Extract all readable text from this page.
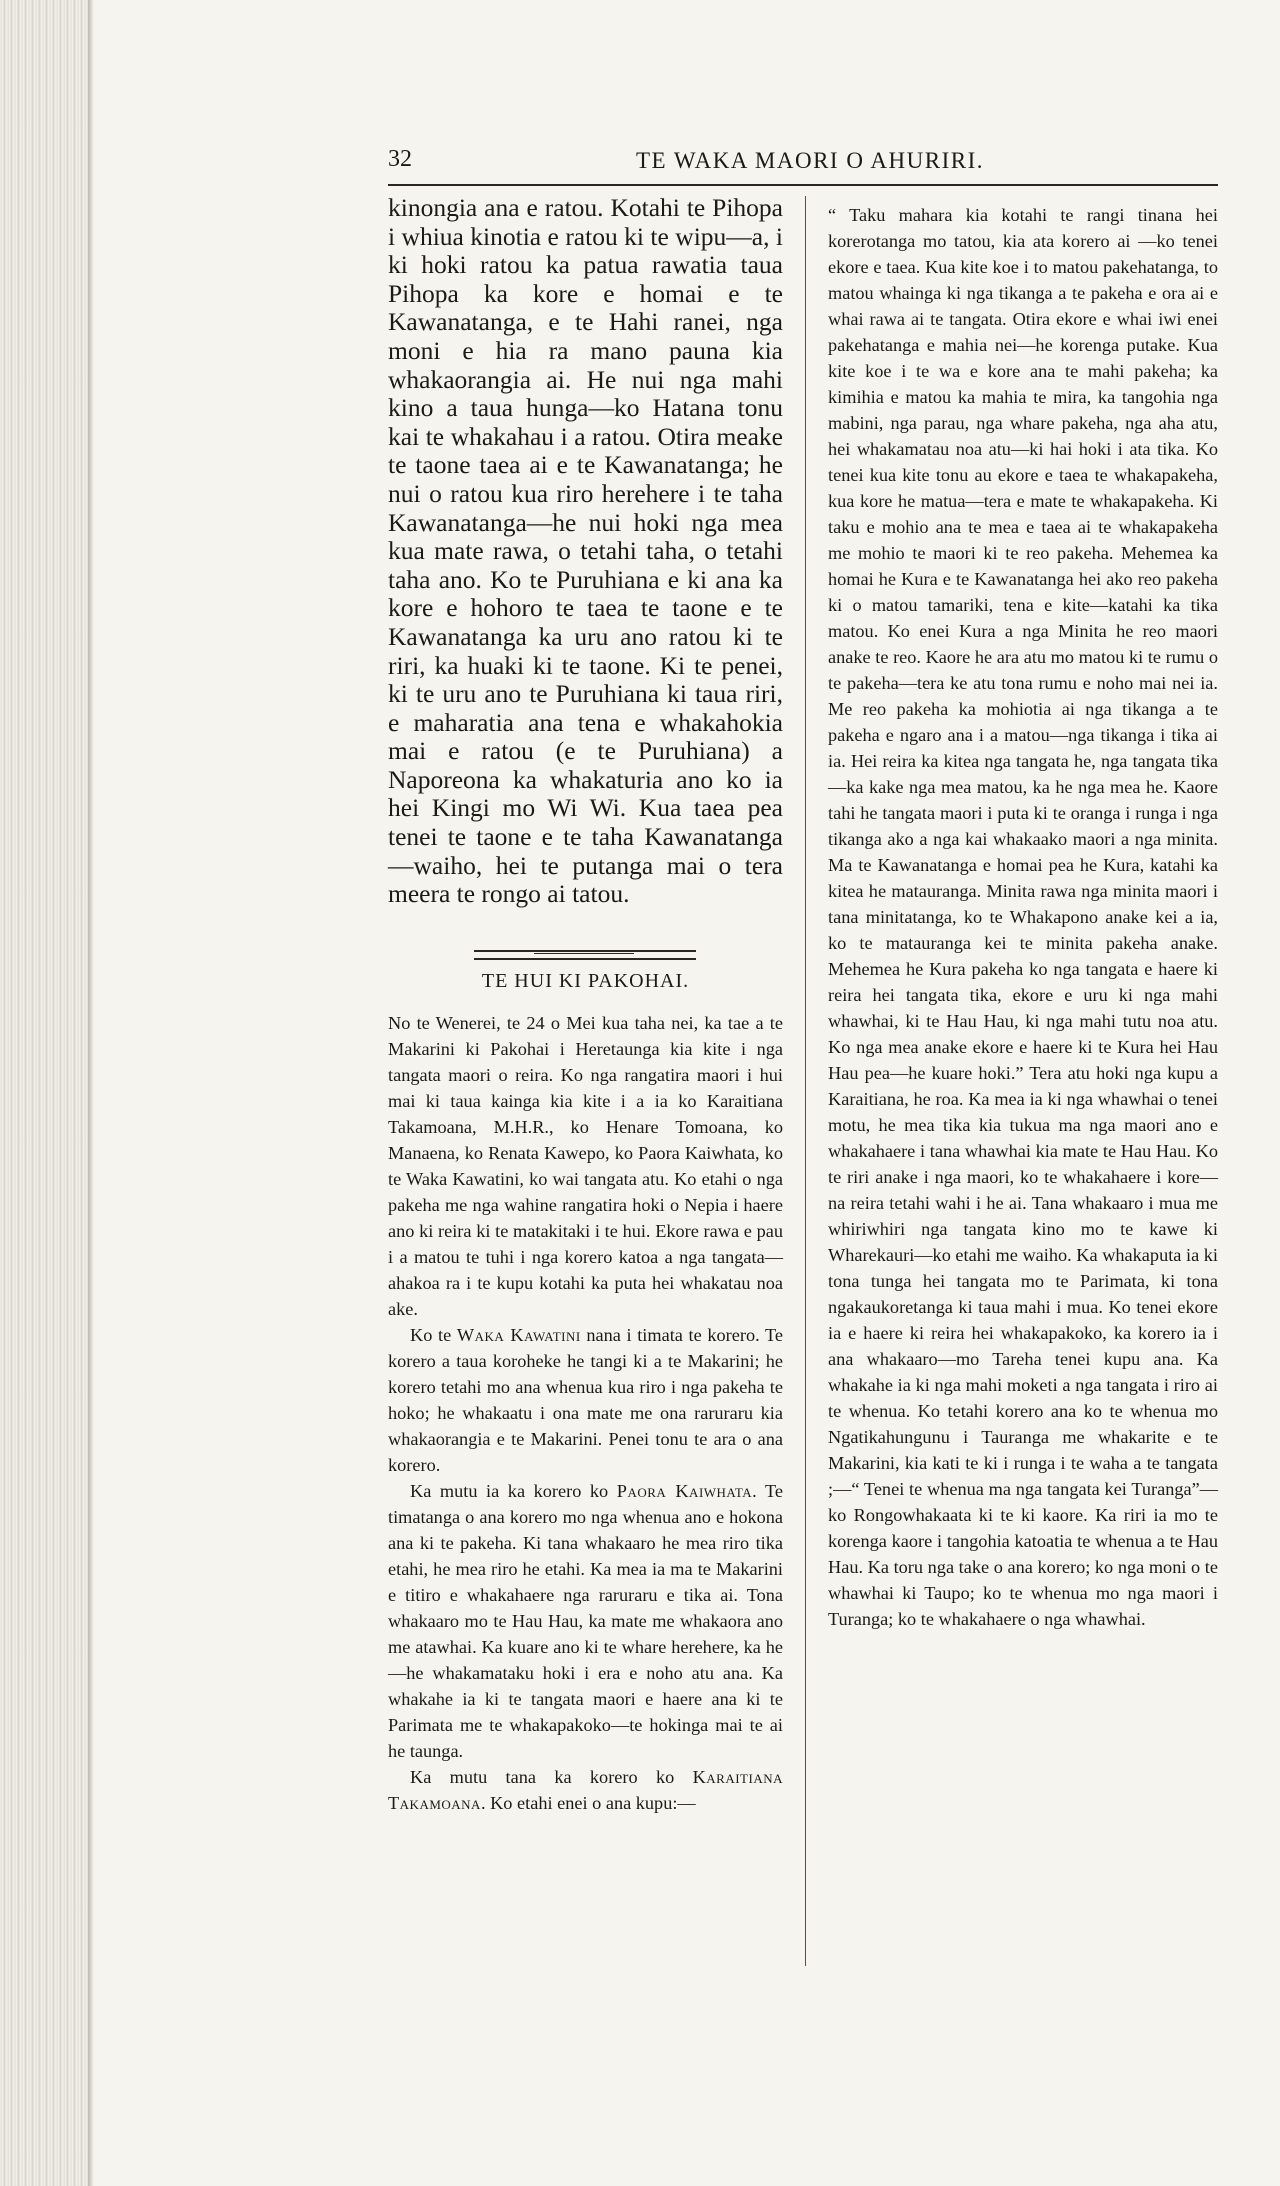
32	TE WAKA MAORI O AHURIRI.

kinongia ana e ratou. Kotahi te Pihopa i whiua kinotia e ratou ki te wipu—a, i ki hoki ratou ka patua rawatia taua Pihopa ka kore e homai e te Kawanatanga, e te Hahi ranei, nga moni e hia ra mano pauna kia whakaorangia ai. He nui nga mahi kino a taua hunga—ko Hatana tonu kai te whakahau i a ratou. Otira meake te taone taea ai e te Kawanatanga; he nui o ratou kua riro herehere i te taha Kawanatanga—he nui hoki nga mea kua mate rawa, o tetahi taha, o tetahi taha ano. Ko te Puruhiana e ki ana ka kore e hohoro te taea te taone e te Kawanatanga ka uru ano ratou ki te riri, ka huaki ki te taone. Ki te penei, ki te uru ano te Puruhiana ki taua riri, e maharatia ana tena e whakahokia mai e ratou (e te Puruhiana) a Naporeona ka whakaturia ano ko ia hei Kingi mo Wi Wi. Kua taea pea tenei te taone e te taha Kawanatanga—waiho, hei te putanga mai o tera meera te rongo ai tatou.

TE HUI KI PAKOHAI.

No te Wenerei, te 24 o Mei kua taha nei, ka tae a te Makarini ki Pakohai i Heretaunga kia kite i nga tangata maori o reira. Ko nga rangatira maori i hui mai ki taua kainga kia kite i a ia ko Karaitiana Takamoana, M.H.R., ko Henare Tomoana, ko Manaena, ko Renata Kawepo, ko Paora Kaiwhata, ko te Waka Kawatini, ko wai tangata atu. Ko etahi o nga pakeha me nga wahine rangatira hoki o Nepia i haere ano ki reira ki te matakitaki i te hui. Ekore rawa e pau i a matou te tuhi i nga korero katoa a nga tangata—ahakoa ra i te kupu kotahi ka puta hei whakatau noa ake.

Ko te Waka Kawatini nana i timata te korero. Te korero a taua koroheke he tangi ki a te Makarini; he korero tetahi mo ana whenua kua riro i nga pakeha te hoko; he whakaatu i ona mate me ona raruraru kia whakaorangia e te Makarini. Penei tonu te ara o ana korero.

Ka mutu ia ka korero ko Paora Kaiwhata. Te timatanga o ana korero mo nga whenua ano e hokona ana ki te pakeha. Ki tana whakaaro he mea riro tika etahi, he mea riro he etahi. Ka mea ia ma te Makarini e titiro e whakahaere nga raruraru e tika ai. Tona whakaaro mo te Hau Hau, ka mate me whakaora ano me atawhai. Ka kuare ano ki te whare herehere, ka he—he whakamataku hoki i era e noho atu ana. Ka whakahe ia ki te tangata maori e haere ana ki te Parimata me te whakapakoko—te hokinga mai te ai he taunga.

Ka mutu tana ka korero ko Karaitiana Takamoana. Ko etahi enei o ana kupu:—

“ Taku mahara kia kotahi te rangi tinana hei korerotanga mo tatou, kia ata korero ai —ko tenei ekore e taea. Kua kite koe i to matou pakehatanga, to matou whainga ki nga tikanga a te pakeha e ora ai e whai rawa ai te tangata. Otira ekore e whai iwi enei pakehatanga e mahia nei—he korenga putake. Kua kite koe i te wa e kore ana te mahi pakeha; ka kimihia e matou ka mahia te mira, ka tangohia nga mabini, nga parau, nga whare pakeha, nga aha atu, hei whakamatau noa atu—ki hai hoki i ata tika. Ko tenei kua kite tonu au ekore e taea te whakapakeha, kua kore he matua—tera e mate te whakapakeha. Ki taku e mohio ana te mea e taea ai te whakapakeha me mohio te maori ki te reo pakeha. Mehemea ka homai he Kura e te Kawanatanga hei ako reo pakeha ki o matou tamariki, tena e kite—katahi ka tika matou. Ko enei Kura a nga Minita he reo maori anake te reo. Kaore he ara atu mo matou ki te rumu o te pakeha—tera ke atu tona rumu e noho mai nei ia. Me reo pakeha ka mohiotia ai nga tikanga a te pakeha e ngaro ana i a matou—nga tikanga i tika ai ia. Hei reira ka kitea nga tangata he, nga tangata tika—ka kake nga mea matou, ka he nga mea he. Kaore tahi he tangata maori i puta ki te oranga i runga i nga tikanga ako a nga kai whakaako maori a nga minita. Ma te Kawanatanga e homai pea he Kura, katahi ka kitea he matauranga. Minita rawa nga minita maori i tana minitatanga, ko te Whakapono anake kei a ia, ko te matauranga kei te minita pakeha anake. Mehemea he Kura pakeha ko nga tangata e haere ki reira hei tangata tika, ekore e uru ki nga mahi whawhai, ki te Hau Hau, ki nga mahi tutu noa atu. Ko nga mea anake ekore e haere ki te Kura hei Hau Hau pea—he kuare hoki.” Tera atu hoki nga kupu a Karaitiana, he roa. Ka mea ia ki nga whawhai o tenei motu, he mea tika kia tukua ma nga maori ano e whakahaere i tana whawhai kia mate te Hau Hau. Ko te riri anake i nga maori, ko te whakahaere i kore—na reira tetahi wahi i he ai. Tana whakaaro i mua me whiriwhiri nga tangata kino mo te kawe ki Wharekauri—ko etahi me waiho. Ka whakaputa ia ki tona tunga hei tangata mo te Parimata, ki tona ngakaukoretanga ki taua mahi i mua. Ko tenei ekore ia e haere ki reira hei whakapakoko, ka korero ia i ana whakaaro—mo Tareha tenei kupu ana. Ka whakahe ia ki nga mahi moketi a nga tangata i riro ai te whenua. Ko tetahi korero ana ko te whenua mo Ngatikahungunu i Tauranga me whakarite e te Makarini, kia kati te ki i runga i te waha a te tangata ;—“ Tenei te whenua ma nga tangata kei Turanga”—ko Rongowhakaata ki te ki kaore. Ka riri ia mo te korenga kaore i tangohia katoatia te whenua a te Hau Hau. Ka toru nga take o ana korero; ko nga moni o te whawhai ki Taupo; ko te whenua mo nga maori i Turanga; ko te whakahaere o nga whawhai.
